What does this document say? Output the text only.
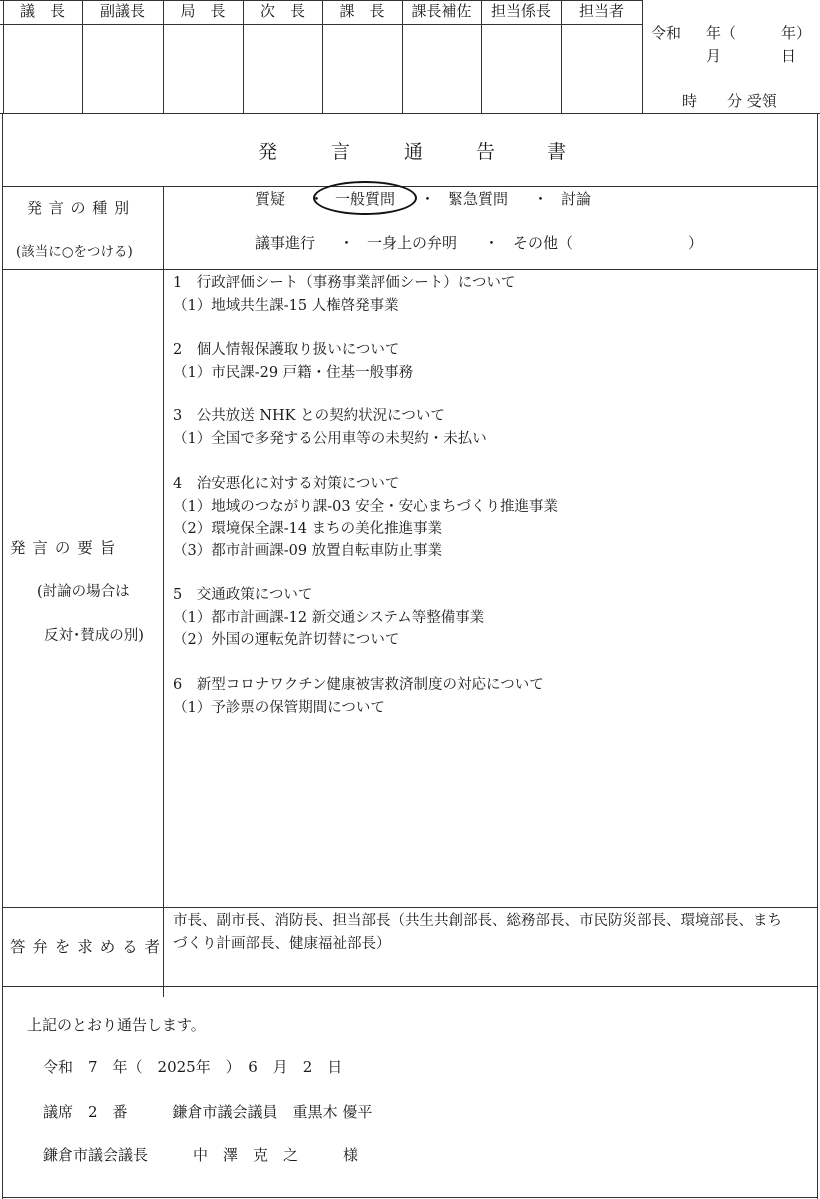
議　長	副議長	局　長	次　長	課　長	課長補佐	担当係長	担当者
令和 年（　　　年）
月	日
時　　分 受領
発	言	通	告	書
発 言 の 種 別
(該当に○をつける)
質疑 ・ 一般質問 ・ 緊急質問 ・ 討論
議事進行 ・ 一身上の弁明 ・ その他（	）
発 言 の 要 旨
(討論の場合は
反対･賛成の別)
1　行政評価シート（事務事業評価シート）について
（1）地域共生課-15 人権啓発事業
2　個人情報保護取り扱いについて
（1）市民課-29 戸籍・住基一般事務
3　公共放送 NHK との契約状況について
（1）全国で多発する公用車等の未契約・未払い
4　治安悪化に対する対策について
（1）地域のつながり課-03 安全・安心まちづくり推進事業
（2）環境保全課-14 まちの美化推進事業
（3）都市計画課-09 放置自転車防止事業
5　交通政策について
（1）都市計画課-12 新交通システム等整備事業
（2）外国の運転免許切替について
6　新型コロナワクチン健康被害救済制度の対応について
（1）予診票の保管期間について
答 弁 を 求 め る 者
市長、副市長、消防長、担当部長（共生共創部長、総務部長、市民防災部長、環境部長、まち
づくり計画部長、健康福祉部長）
上記のとおり通告します。
令和　7　年（　2025年　）　6　月　2　日
議席　2　番　　　鎌倉市議会議員　重黒木 優平
鎌倉市議会議長　　　中　澤　克　之　　　様
